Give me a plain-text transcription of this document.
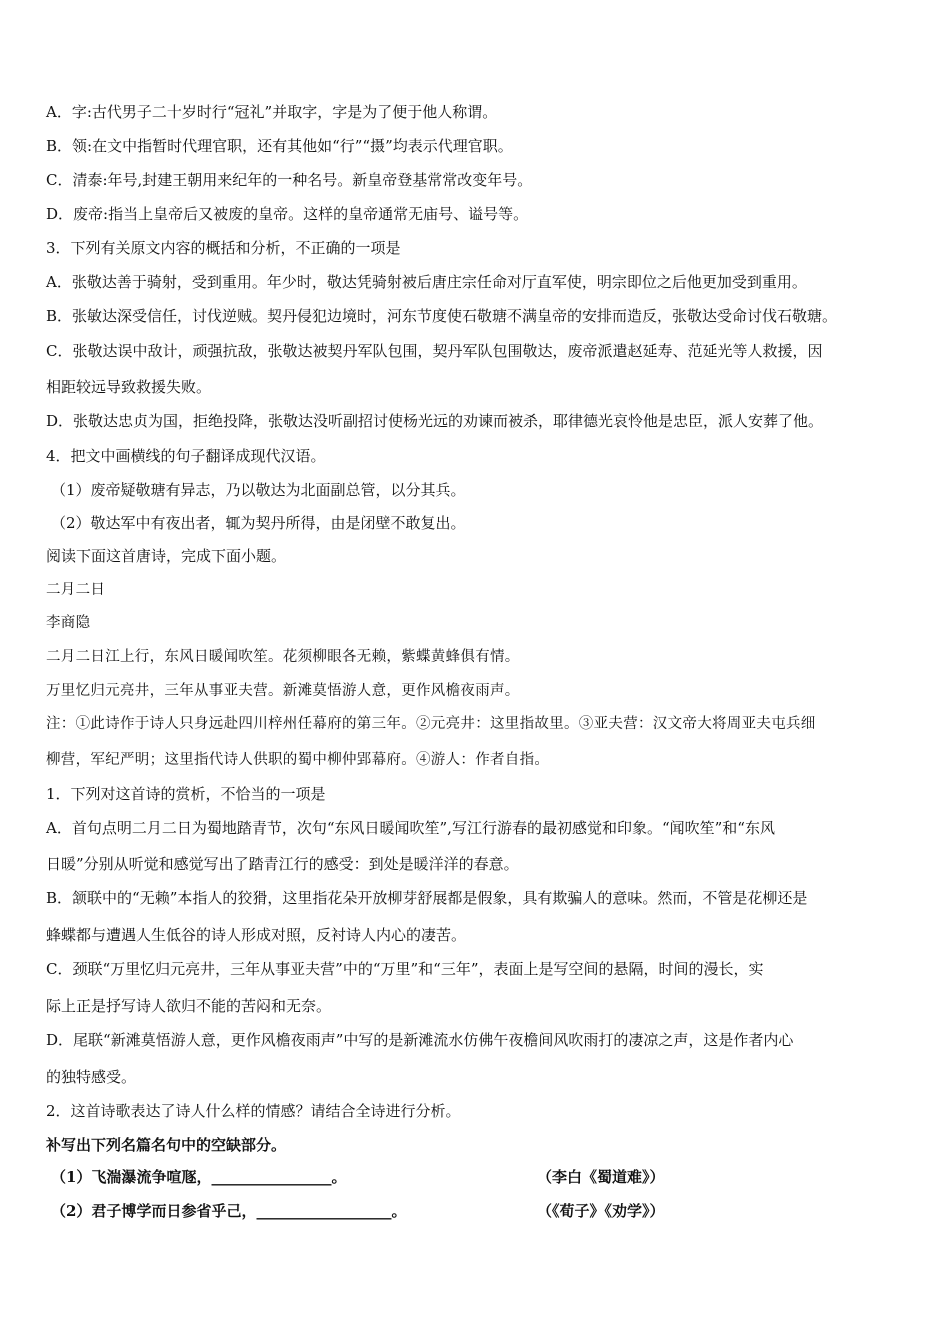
A．字:古代男子二十岁时行“冠礼”并取字，字是为了便于他人称谓。
B．领:在文中指暂时代理官职，还有其他如“行”“摄”均表示代理官职。
C．清泰:年号,封建王朝用来纪年的一种名号。新皇帝登基常常改变年号。
D．废帝:指当上皇帝后又被废的皇帝。这样的皇帝通常无庙号、谥号等。
3．下列有关原文内容的概括和分析，不正确的一项是
A．张敬达善于骑射，受到重用。年少时，敬达凭骑射被后唐庄宗任命对厅直军使，明宗即位之后他更加受到重用。
B．张敏达深受信任，讨伐逆贼。契丹侵犯边境时，河东节度使石敬瑭不满皇帝的安排而造反，张敬达受命讨伐石敬瑭。
C．张敬达误中敌计，顽强抗敌，张敬达被契丹军队包围，契丹军队包围敬达，废帝派遣赵延寿、范延光等人救援，因
相距较远导致救援失败。
D．张敬达忠贞为国，拒绝投降，张敬达没听副招讨使杨光远的劝谏而被杀，耶律德光哀怜他是忠臣，派人安葬了他。
4．把文中画横线的句子翻译成现代汉语。
（1）废帝疑敬瑭有异志，乃以敬达为北面副总管，以分其兵。
（2）敬达军中有夜出者，辄为契丹所得，由是闭壁不敢复出。
阅读下面这首唐诗，完成下面小题。
二月二日
李商隐
二月二日江上行，东风日暖闻吹笙。花须柳眼各无赖，紫蝶黄蜂俱有情。
万里忆归元亮井，三年从事亚夫营。新滩莫悟游人意，更作风檐夜雨声。
注：①此诗作于诗人只身远赴四川梓州任幕府的第三年。②元亮井：这里指故里。③亚夫营：汉文帝大将周亚夫屯兵细
柳营，军纪严明；这里指代诗人供职的蜀中柳仲郢幕府。④游人：作者自指。
1．下列对这首诗的赏析，不恰当的一项是
A．首句点明二月二日为蜀地踏青节，次句“东风日暖闻吹笙”,写江行游春的最初感觉和印象。“闻吹笙”和“东风
日暖”分别从听觉和感觉写出了踏青江行的感受：到处是暖洋洋的春意。
B．颔联中的“无赖”本指人的狡猾，这里指花朵开放柳芽舒展都是假象，具有欺骗人的意味。然而，不管是花柳还是
蜂蝶都与遭遇人生低谷的诗人形成对照，反衬诗人内心的凄苦。
C．颈联“万里忆归元亮井，三年从事亚夫营”中的“万里”和“三年”，表面上是写空间的悬隔，时间的漫长，实
际上正是抒写诗人欲归不能的苦闷和无奈。
D．尾联“新滩莫悟游人意，更作风檐夜雨声”中写的是新滩流水仿佛午夜檐间风吹雨打的凄凉之声，这是作者内心
的独特感受。
2．这首诗歌表达了诗人什么样的情感？请结合全诗进行分析。
补写出下列名篇名句中的空缺部分。
（1）飞湍瀑流争喧豗，________________。	（李白《蜀道难》）
（2）君子博学而日参省乎己，__________________。	（《荀子》《劝学》）
